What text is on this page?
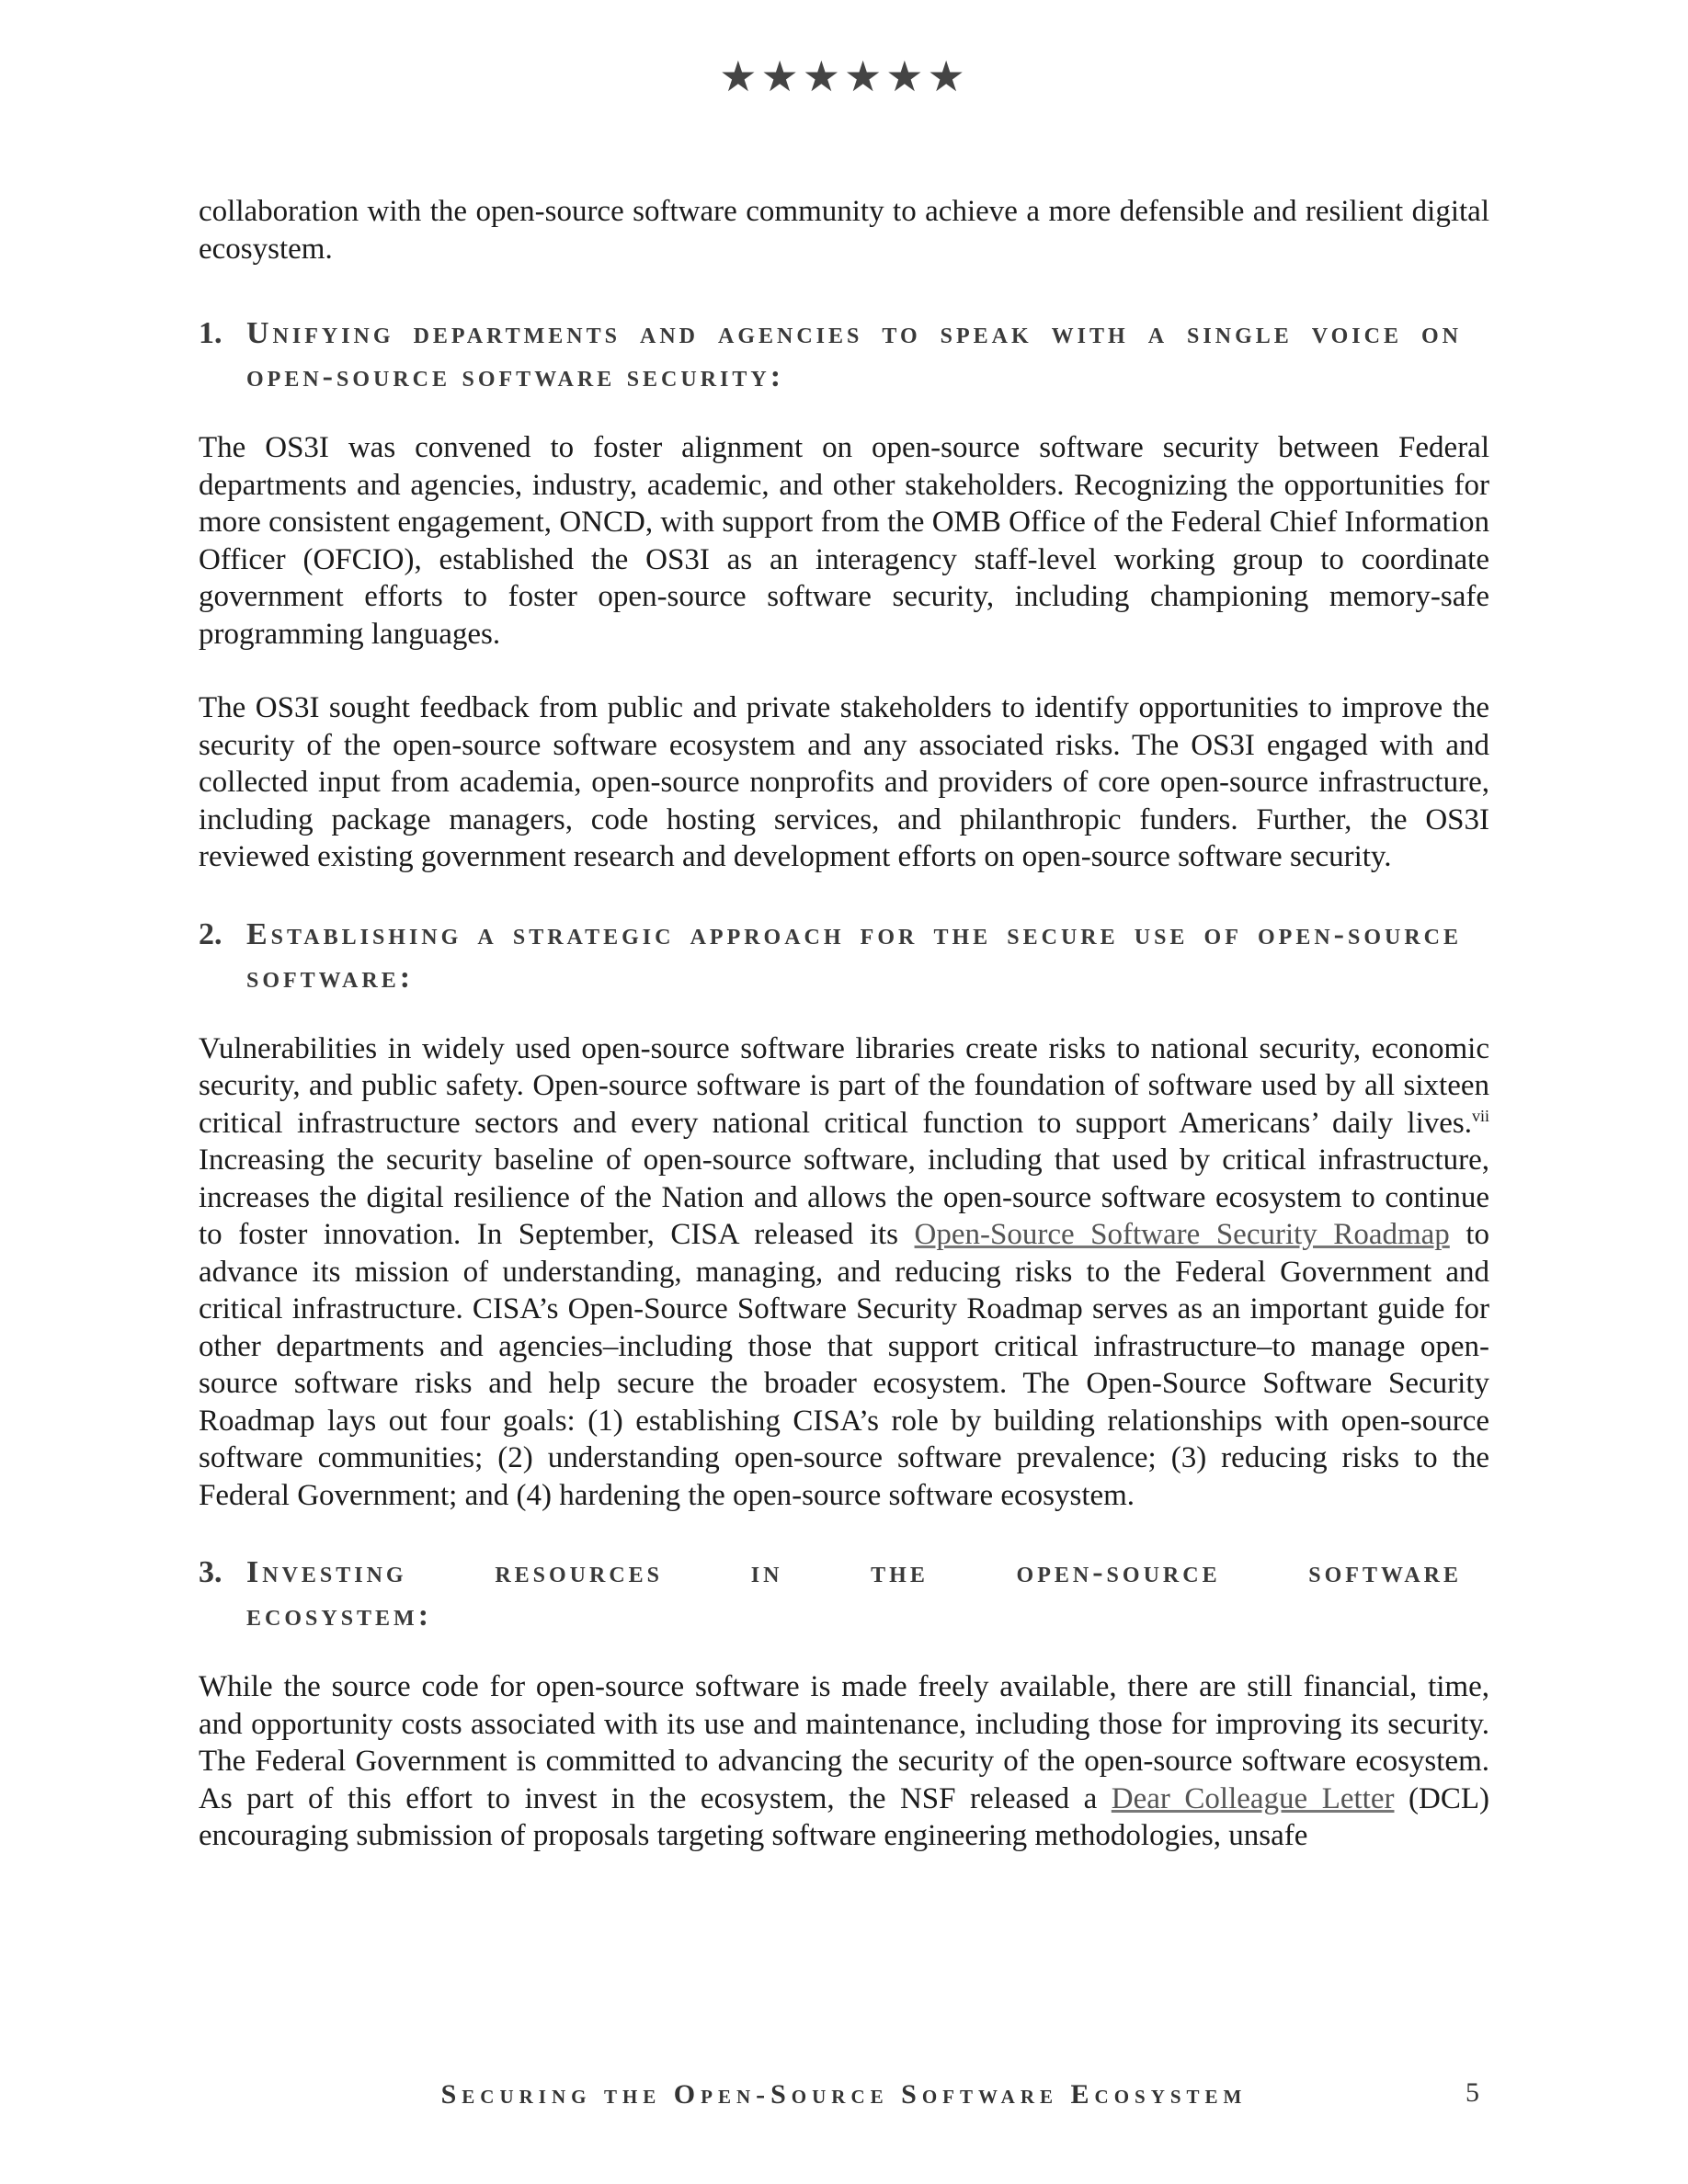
★★★★★★

collaboration with the open-source software community to achieve a more defensible and resilient digital ecosystem.

1. Unifying departments and agencies to speak with a single voice on open-source software security:

The OS3I was convened to foster alignment on open-source software security between Federal departments and agencies, industry, academic, and other stakeholders. Recognizing the opportunities for more consistent engagement, ONCD, with support from the OMB Office of the Federal Chief Information Officer (OFCIO), established the OS3I as an interagency staff-level working group to coordinate government efforts to foster open-source software security, including championing memory-safe programming languages.

The OS3I sought feedback from public and private stakeholders to identify opportunities to improve the security of the open-source software ecosystem and any associated risks. The OS3I engaged with and collected input from academia, open-source nonprofits and providers of core open-source infrastructure, including package managers, code hosting services, and philanthropic funders. Further, the OS3I reviewed existing government research and development efforts on open-source software security.

2. Establishing a strategic approach for the secure use of open-source software:

Vulnerabilities in widely used open-source software libraries create risks to national security, economic security, and public safety. Open-source software is part of the foundation of software used by all sixteen critical infrastructure sectors and every national critical function to support Americans’ daily lives.$^{vii}$ Increasing the security baseline of open-source software, including that used by critical infrastructure, increases the digital resilience of the Nation and allows the open-source software ecosystem to continue to foster innovation. In September, CISA released its Open-Source Software Security Roadmap to advance its mission of understanding, managing, and reducing risks to the Federal Government and critical infrastructure. CISA’s Open-Source Software Security Roadmap serves as an important guide for other departments and agencies–including those that support critical infrastructure–to manage open-source software risks and help secure the broader ecosystem. The Open-Source Software Security Roadmap lays out four goals: (1) establishing CISA’s role by building relationships with open-source software communities; (2) understanding open-source software prevalence; (3) reducing risks to the Federal Government; and (4) hardening the open-source software ecosystem.

3. Investing resources in the open-source software
ecosystem:

While the source code for open-source software is made freely available, there are still financial, time, and opportunity costs associated with its use and maintenance, including those for improving its security. The Federal Government is committed to advancing the security of the open-source software ecosystem. As part of this effort to invest in the ecosystem, the NSF released a Dear Colleague Letter (DCL) encouraging submission of proposals targeting software engineering methodologies, unsafe

Securing the Open-Source Software Ecosystem	5
